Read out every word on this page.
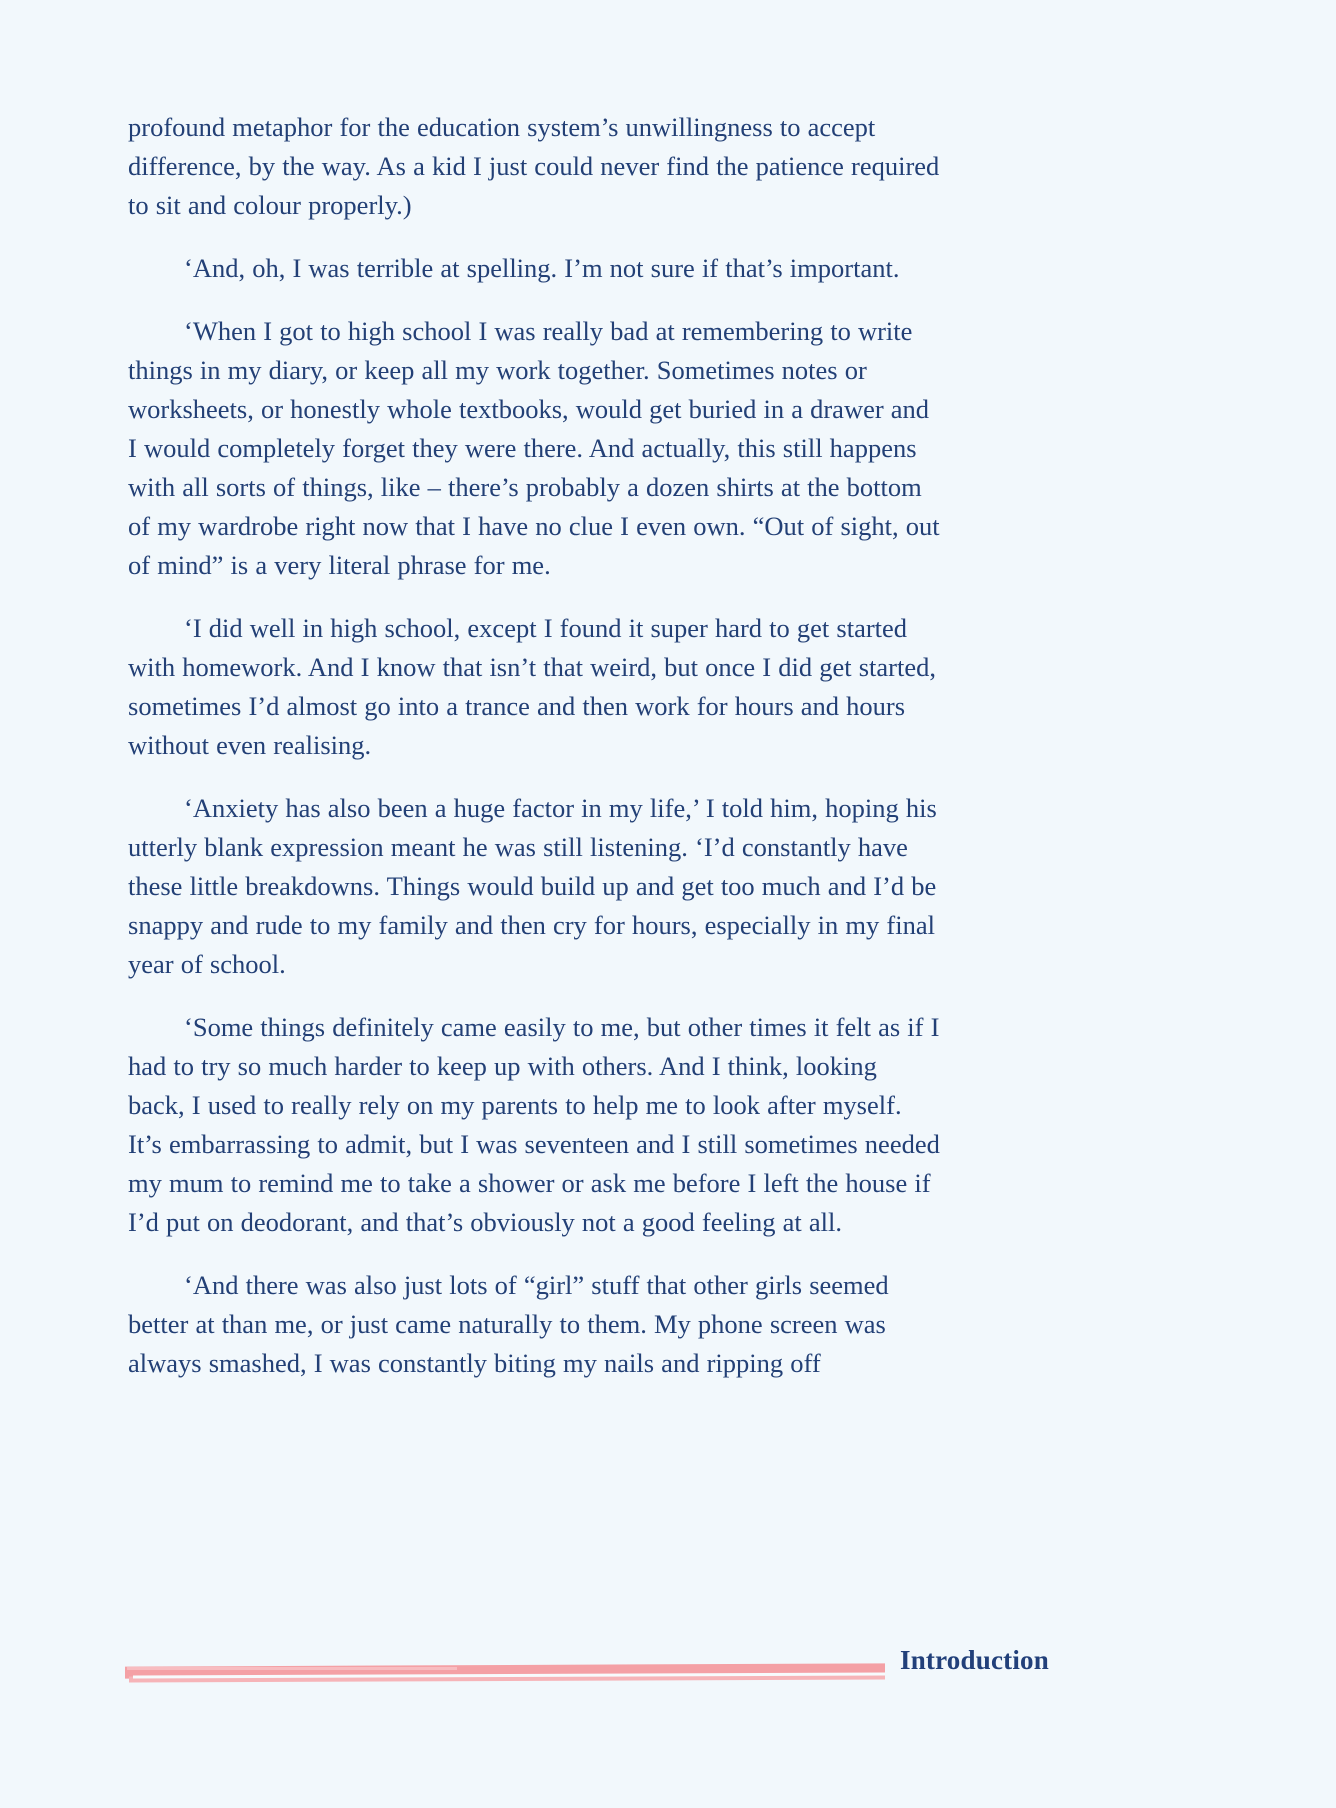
profound metaphor for the education system’s unwillingness to accept difference, by the way. As a kid I just could never find the patience required to sit and colour properly.)

‘And, oh, I was terrible at spelling. I’m not sure if that’s important.

‘When I got to high school I was really bad at remembering to write things in my diary, or keep all my work together. Sometimes notes or worksheets, or honestly whole textbooks, would get buried in a drawer and I would completely forget they were there. And actually, this still happens with all sorts of things, like – there’s probably a dozen shirts at the bottom of my wardrobe right now that I have no clue I even own. “Out of sight, out of mind” is a very literal phrase for me.

‘I did well in high school, except I found it super hard to get started with homework. And I know that isn’t that weird, but once I did get started, sometimes I’d almost go into a trance and then work for hours and hours without even realising.

‘Anxiety has also been a huge factor in my life,’ I told him, hoping his utterly blank expression meant he was still listening. ‘I’d constantly have these little breakdowns. Things would build up and get too much and I’d be snappy and rude to my family and then cry for hours, especially in my final year of school.

‘Some things definitely came easily to me, but other times it felt as if I had to try so much harder to keep up with others. And I think, looking back, I used to really rely on my parents to help me to look after myself. It’s embarrassing to admit, but I was seventeen and I still sometimes needed my mum to remind me to take a shower or ask me before I left the house if I’d put on deodorant, and that’s obviously not a good feeling at all.

‘And there was also just lots of “girl” stuff that other girls seemed better at than me, or just came naturally to them. My phone screen was always smashed, I was constantly biting my nails and ripping off

Introduction
